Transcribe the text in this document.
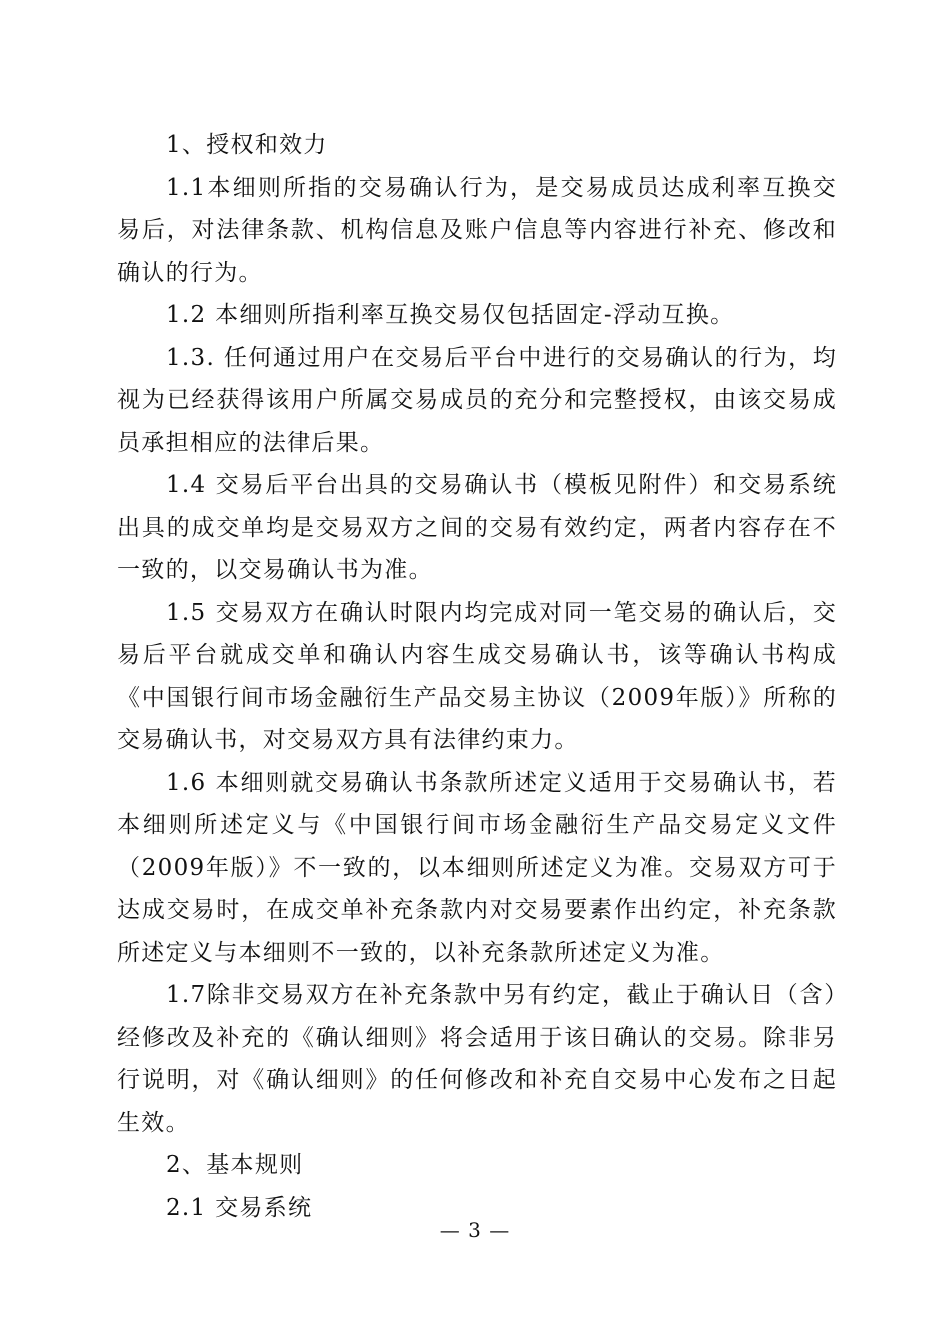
1、授权和效力

1.1本细则所指的交易确认行为，是交易成员达成利率互换交易后，对法律条款、机构信息及账户信息等内容进行补充、修改和确认的行为。

1.2 本细则所指利率互换交易仅包括固定-浮动互换。

1.3. 任何通过用户在交易后平台中进行的交易确认的行为，均视为已经获得该用户所属交易成员的充分和完整授权，由该交易成员承担相应的法律后果。

1.4 交易后平台出具的交易确认书（模板见附件）和交易系统出具的成交单均是交易双方之间的交易有效约定，两者内容存在不一致的，以交易确认书为准。

1.5 交易双方在确认时限内均完成对同一笔交易的确认后，交易后平台就成交单和确认内容生成交易确认书，该等确认书构成《中国银行间市场金融衍生产品交易主协议（2009年版）》所称的交易确认书，对交易双方具有法律约束力。

1.6 本细则就交易确认书条款所述定义适用于交易确认书，若本细则所述定义与《中国银行间市场金融衍生产品交易定义文件（2009年版）》不一致的，以本细则所述定义为准。交易双方可于达成交易时，在成交单补充条款内对交易要素作出约定，补充条款所述定义与本细则不一致的，以补充条款所述定义为准。

1.7除非交易双方在补充条款中另有约定，截止于确认日（含）经修改及补充的《确认细则》将会适用于该日确认的交易。除非另行说明，对《确认细则》的任何修改和补充自交易中心发布之日起生效。

2、基本规则

2.1 交易系统

— 3 —
